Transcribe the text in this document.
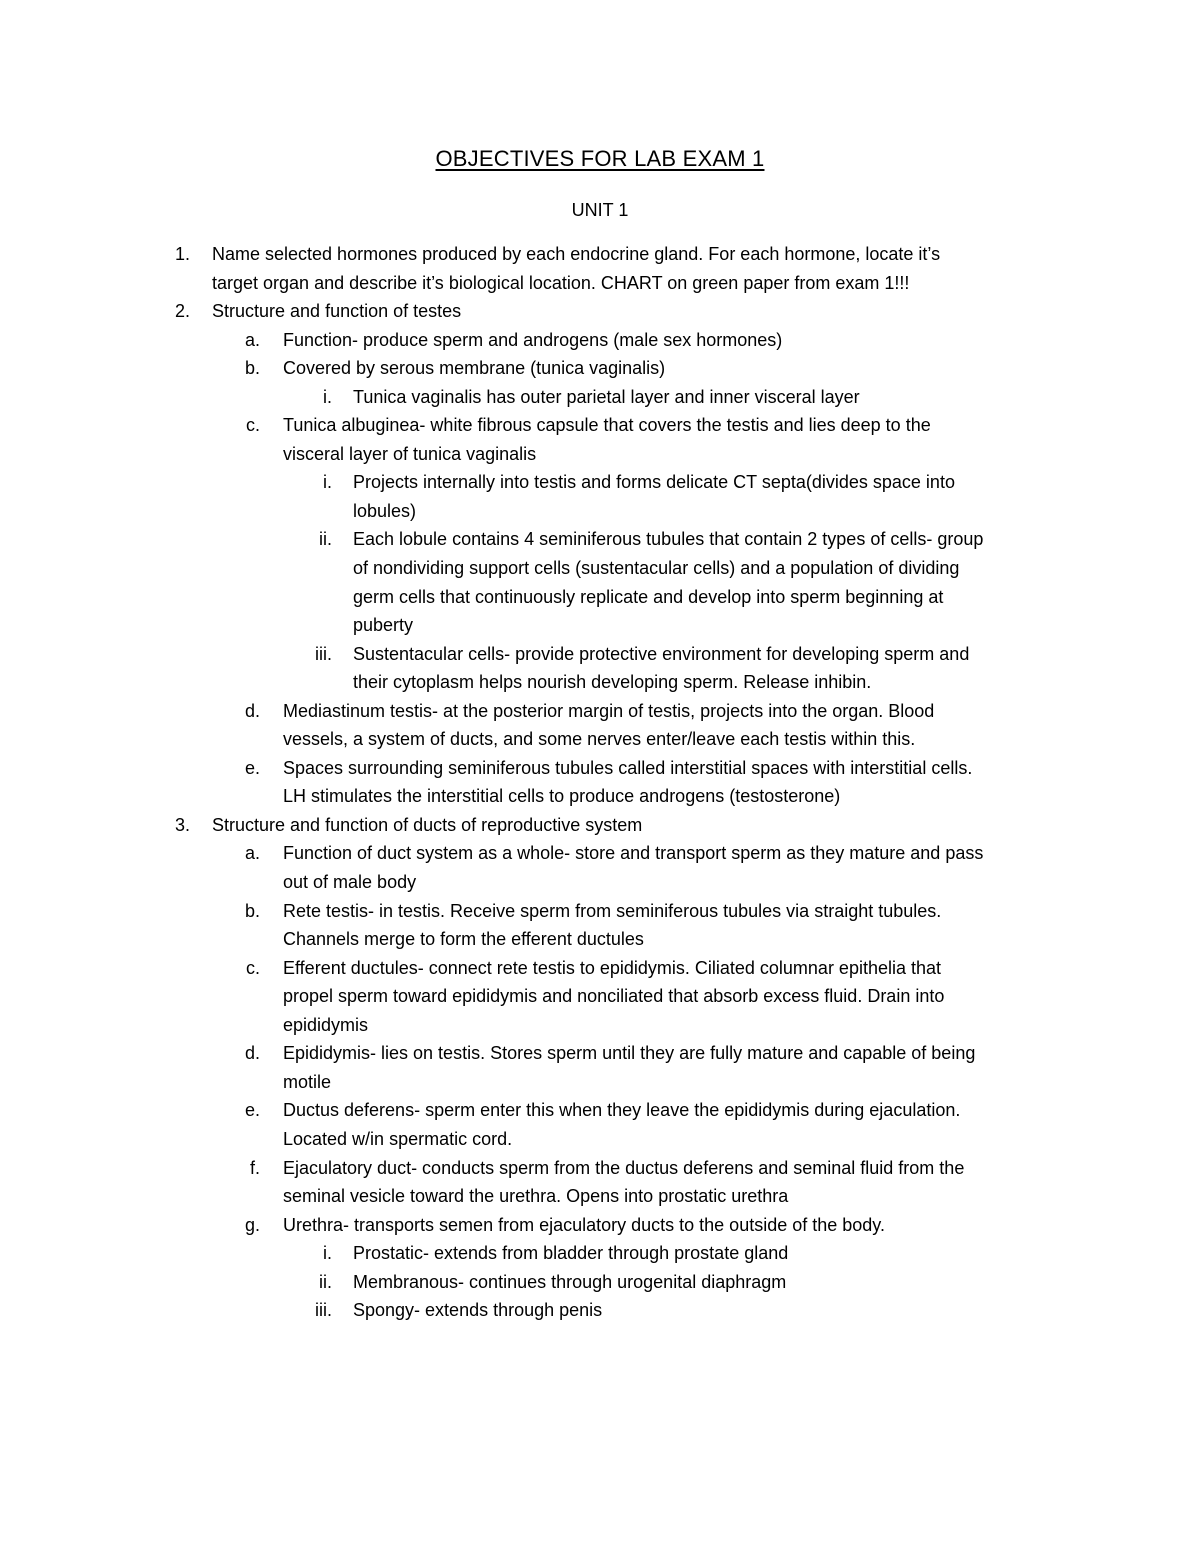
OBJECTIVES FOR LAB EXAM 1
UNIT 1
1. Name selected hormones produced by each endocrine gland. For each hormone, locate it’s
target organ and describe it’s biological location. CHART on green paper from exam 1!!!
2. Structure and function of testes
a. Function- produce sperm and androgens (male sex hormones)
b. Covered by serous membrane (tunica vaginalis)
i. Tunica vaginalis has outer parietal layer and inner visceral layer
c. Tunica albuginea- white fibrous capsule that covers the testis and lies deep to the
visceral layer of tunica vaginalis
i. Projects internally into testis and forms delicate CT septa(divides space into
lobules)
ii. Each lobule contains 4 seminiferous tubules that contain 2 types of cells- group
of nondividing support cells (sustentacular cells) and a population of dividing
germ cells that continuously replicate and develop into sperm beginning at
puberty
iii. Sustentacular cells- provide protective environment for developing sperm and
their cytoplasm helps nourish developing sperm. Release inhibin.
d. Mediastinum testis- at the posterior margin of testis, projects into the organ. Blood
vessels, a system of ducts, and some nerves enter/leave each testis within this.
e. Spaces surrounding seminiferous tubules called interstitial spaces with interstitial cells.
LH stimulates the interstitial cells to produce androgens (testosterone)
3. Structure and function of ducts of reproductive system
a. Function of duct system as a whole- store and transport sperm as they mature and pass
out of male body
b. Rete testis- in testis. Receive sperm from seminiferous tubules via straight tubules.
Channels merge to form the efferent ductules
c. Efferent ductules- connect rete testis to epididymis. Ciliated columnar epithelia that
propel sperm toward epididymis and nonciliated that absorb excess fluid. Drain into
epididymis
d. Epididymis- lies on testis. Stores sperm until they are fully mature and capable of being
motile
e. Ductus deferens- sperm enter this when they leave the epididymis during ejaculation.
Located w/in spermatic cord.
f. Ejaculatory duct- conducts sperm from the ductus deferens and seminal fluid from the
seminal vesicle toward the urethra. Opens into prostatic urethra
g. Urethra- transports semen from ejaculatory ducts to the outside of the body.
i. Prostatic- extends from bladder through prostate gland
ii. Membranous- continues through urogenital diaphragm
iii. Spongy- extends through penis
